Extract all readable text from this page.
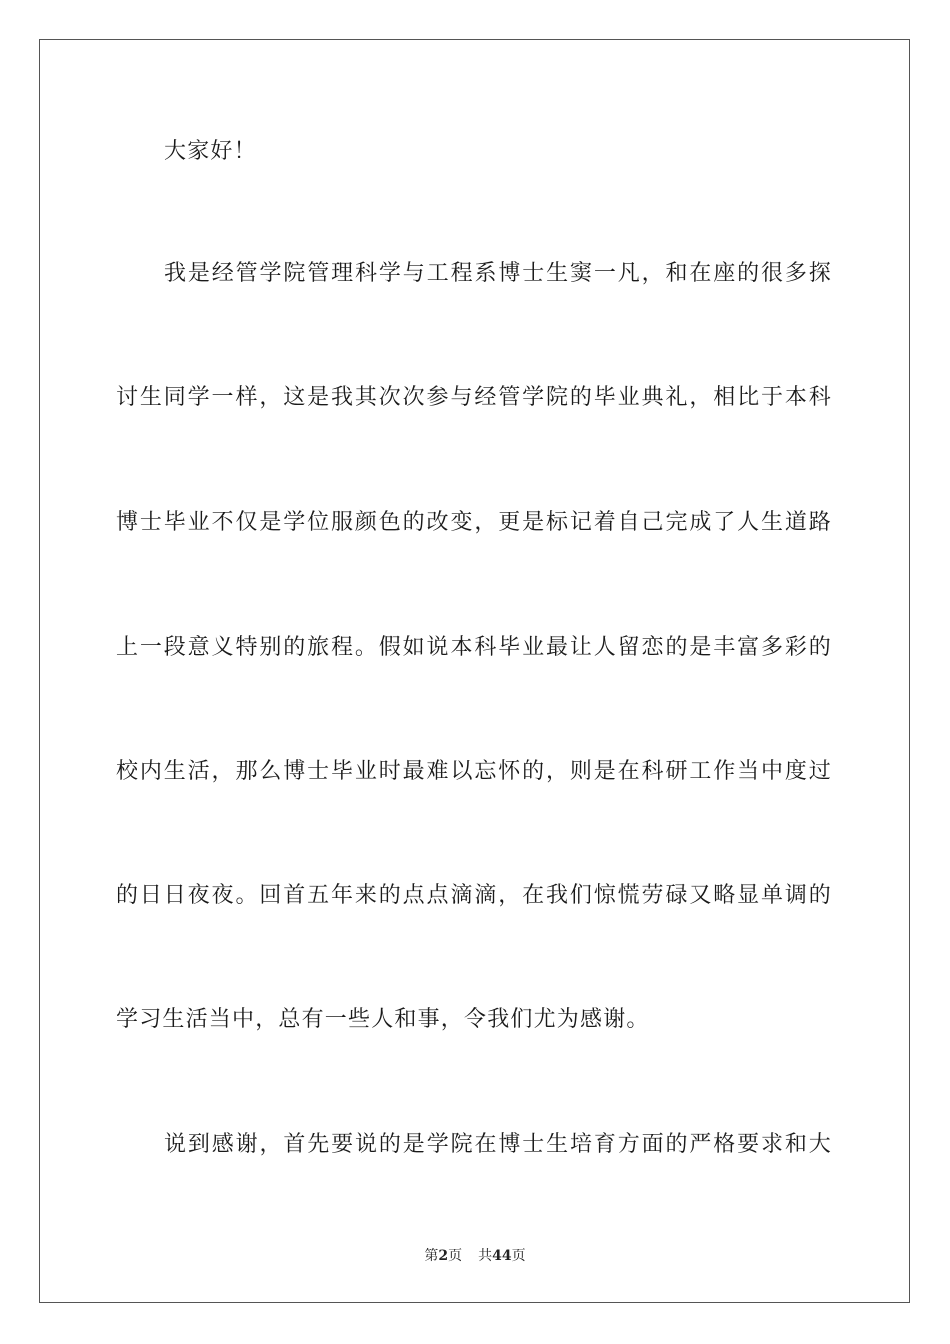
大家好！
我是经管学院管理科学与工程系博士生窦一凡，和在座的很多探
讨生同学一样，这是我其次次参与经管学院的毕业典礼，相比于本科
博士毕业不仅是学位服颜色的改变，更是标记着自己完成了人生道路
上一段意义特别的旅程。假如说本科毕业最让人留恋的是丰富多彩的
校内生活，那么博士毕业时最难以忘怀的，则是在科研工作当中度过
的日日夜夜。回首五年来的点点滴滴，在我们惊慌劳碌又略显单调的
学习生活当中，总有一些人和事，令我们尤为感谢。
说到感谢，首先要说的是学院在博士生培育方面的严格要求和大
第2页 共44页
